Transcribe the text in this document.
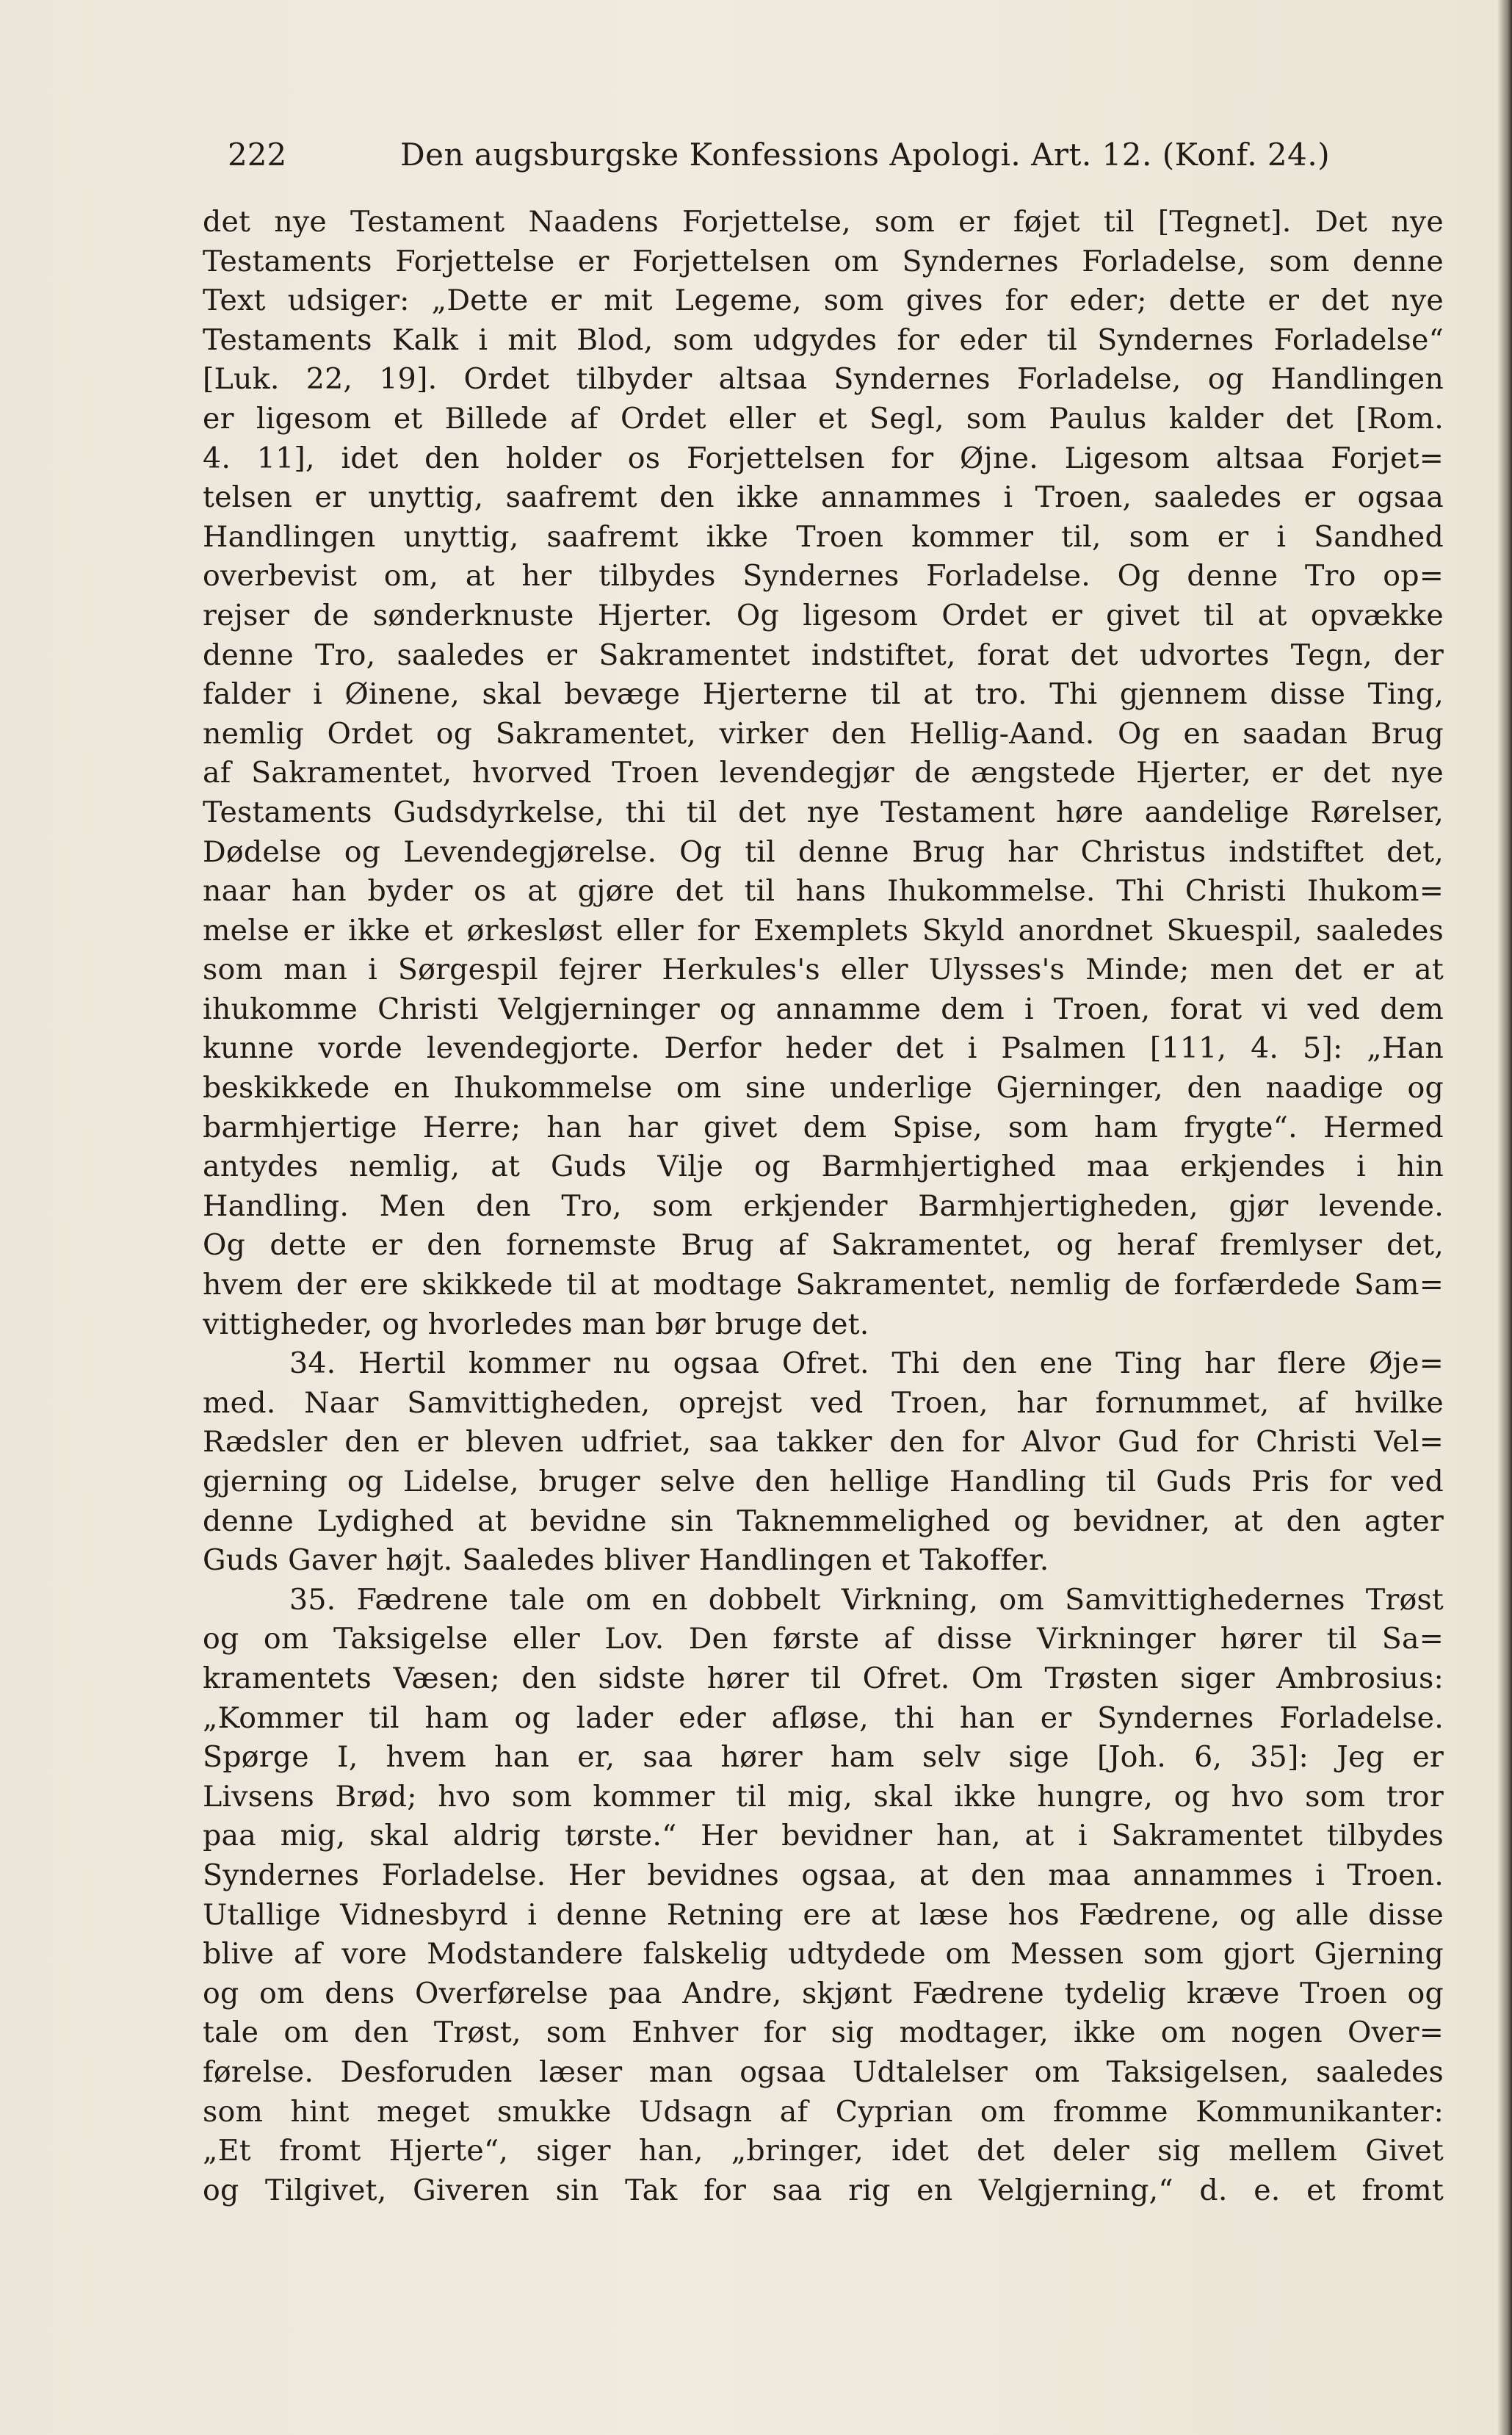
222	Den augsburgske Konfessions Apologi. Art. 12. (Konf. 24.)
det nye Testament Naadens Forjettelse, som er føjet til [Tegnet]. Det nye
Testaments Forjettelse er Forjettelsen om Syndernes Forladelse, som denne
Text udsiger: „Dette er mit Legeme, som gives for eder; dette er det nye
Testaments Kalk i mit Blod, som udgydes for eder til Syndernes Forladelse“
[Luk. 22, 19]. Ordet tilbyder altsaa Syndernes Forladelse, og Handlingen
er ligesom et Billede af Ordet eller et Segl, som Paulus kalder det [Rom.
4. 11], idet den holder os Forjettelsen for Øjne. Ligesom altsaa Forjet=
telsen er unyttig, saafremt den ikke annammes i Troen, saaledes er ogsaa
Handlingen unyttig, saafremt ikke Troen kommer til, som er i Sandhed
overbevist om, at her tilbydes Syndernes Forladelse. Og denne Tro op=
rejser de sønderknuste Hjerter. Og ligesom Ordet er givet til at opvække
denne Tro, saaledes er Sakramentet indstiftet, forat det udvortes Tegn, der
falder i Øinene, skal bevæge Hjerterne til at tro. Thi gjennem disse Ting,
nemlig Ordet og Sakramentet, virker den Hellig-Aand. Og en saadan Brug
af Sakramentet, hvorved Troen levendegjør de ængstede Hjerter, er det nye
Testaments Gudsdyrkelse, thi til det nye Testament høre aandelige Rørelser,
Dødelse og Levendegjørelse. Og til denne Brug har Christus indstiftet det,
naar han byder os at gjøre det til hans Ihukommelse. Thi Christi Ihukom=
melse er ikke et ørkesløst eller for Exemplets Skyld anordnet Skuespil, saaledes
som man i Sørgespil fejrer Herkules's eller Ulysses's Minde; men det er at
ihukomme Christi Velgjerninger og annamme dem i Troen, forat vi ved dem
kunne vorde levendegjorte. Derfor heder det i Psalmen [111, 4. 5]: „Han
beskikkede en Ihukommelse om sine underlige Gjerninger, den naadige og
barmhjertige Herre; han har givet dem Spise, som ham frygte“. Hermed
antydes nemlig, at Guds Vilje og Barmhjertighed maa erkjendes i hin
Handling. Men den Tro, som erkjender Barmhjertigheden, gjør levende.
Og dette er den fornemste Brug af Sakramentet, og heraf fremlyser det,
hvem der ere skikkede til at modtage Sakramentet, nemlig de forfærdede Sam=
vittigheder, og hvorledes man bør bruge det.
34. Hertil kommer nu ogsaa Ofret. Thi den ene Ting har flere Øje=
med. Naar Samvittigheden, oprejst ved Troen, har fornummet, af hvilke
Rædsler den er bleven udfriet, saa takker den for Alvor Gud for Christi Vel=
gjerning og Lidelse, bruger selve den hellige Handling til Guds Pris for ved
denne Lydighed at bevidne sin Taknemmelighed og bevidner, at den agter
Guds Gaver højt. Saaledes bliver Handlingen et Takoffer.
35. Fædrene tale om en dobbelt Virkning, om Samvittighedernes Trøst
og om Taksigelse eller Lov. Den første af disse Virkninger hører til Sa=
kramentets Væsen; den sidste hører til Ofret. Om Trøsten siger Ambrosius:
„Kommer til ham og lader eder afløse, thi han er Syndernes Forladelse.
Spørge I, hvem han er, saa hører ham selv sige [Joh. 6, 35]: Jeg er
Livsens Brød; hvo som kommer til mig, skal ikke hungre, og hvo som tror
paa mig, skal aldrig tørste.“ Her bevidner han, at i Sakramentet tilbydes
Syndernes Forladelse. Her bevidnes ogsaa, at den maa annammes i Troen.
Utallige Vidnesbyrd i denne Retning ere at læse hos Fædrene, og alle disse
blive af vore Modstandere falskelig udtydede om Messen som gjort Gjerning
og om dens Overførelse paa Andre, skjønt Fædrene tydelig kræve Troen og
tale om den Trøst, som Enhver for sig modtager, ikke om nogen Over=
førelse. Desforuden læser man ogsaa Udtalelser om Taksigelsen, saaledes
som hint meget smukke Udsagn af Cyprian om fromme Kommunikanter:
„Et fromt Hjerte“, siger han, „bringer, idet det deler sig mellem Givet
og Tilgivet, Giveren sin Tak for saa rig en Velgjerning,“ d. e. et fromt
